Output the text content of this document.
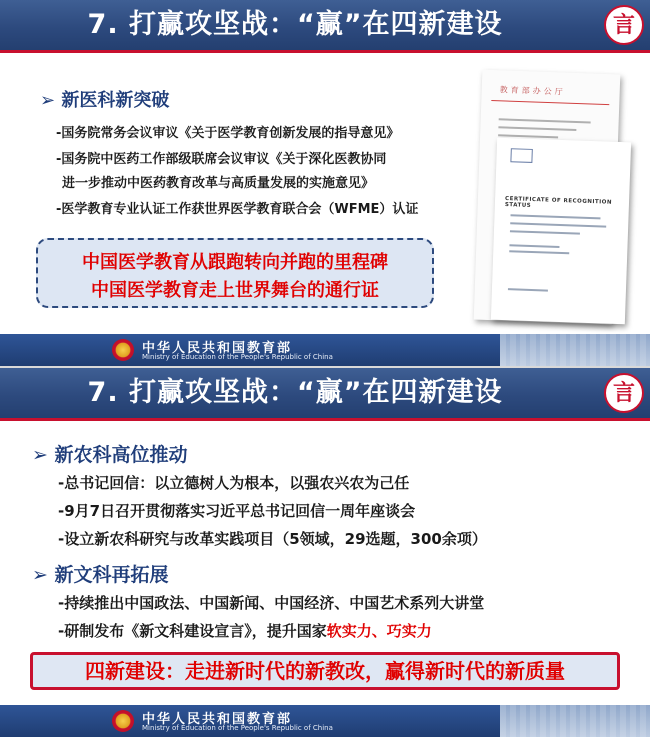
7. 打赢攻坚战：“赢”在四新建设	言
➢ 新医科新突破
-国务院常务会议审议《关于医学教育创新发展的指导意见》
-国务院中医药工作部级联席会议审议《关于深化医教协同
进一步推动中医药教育改革与高质量发展的实施意见》
-医学教育专业认证工作获世界医学教育联合会（WFME）认证
中国医学教育从跟跑转向并跑的里程碑
中国医学教育走上世界舞台的通行证
教育部办公厅
CERTIFICATE OF RECOGNITION STATUS
中华人民共和国教育部
Ministry of Education of the People's Republic of China
7. 打赢攻坚战：“赢”在四新建设	言
➢ 新农科高位推动
-总书记回信：以立德树人为根本，以强农兴农为己任
-9月7日召开贯彻落实习近平总书记回信一周年座谈会
-设立新农科研究与改革实践项目（5领域，29选题，300余项）
➢ 新文科再拓展
-持续推出中国政法、中国新闻、中国经济、中国艺术系列大讲堂
-研制发布《新文科建设宣言》，提升国家软实力、巧实力
四新建设：走进新时代的新教改，赢得新时代的新质量
中华人民共和国教育部
Ministry of Education of the People's Republic of China
